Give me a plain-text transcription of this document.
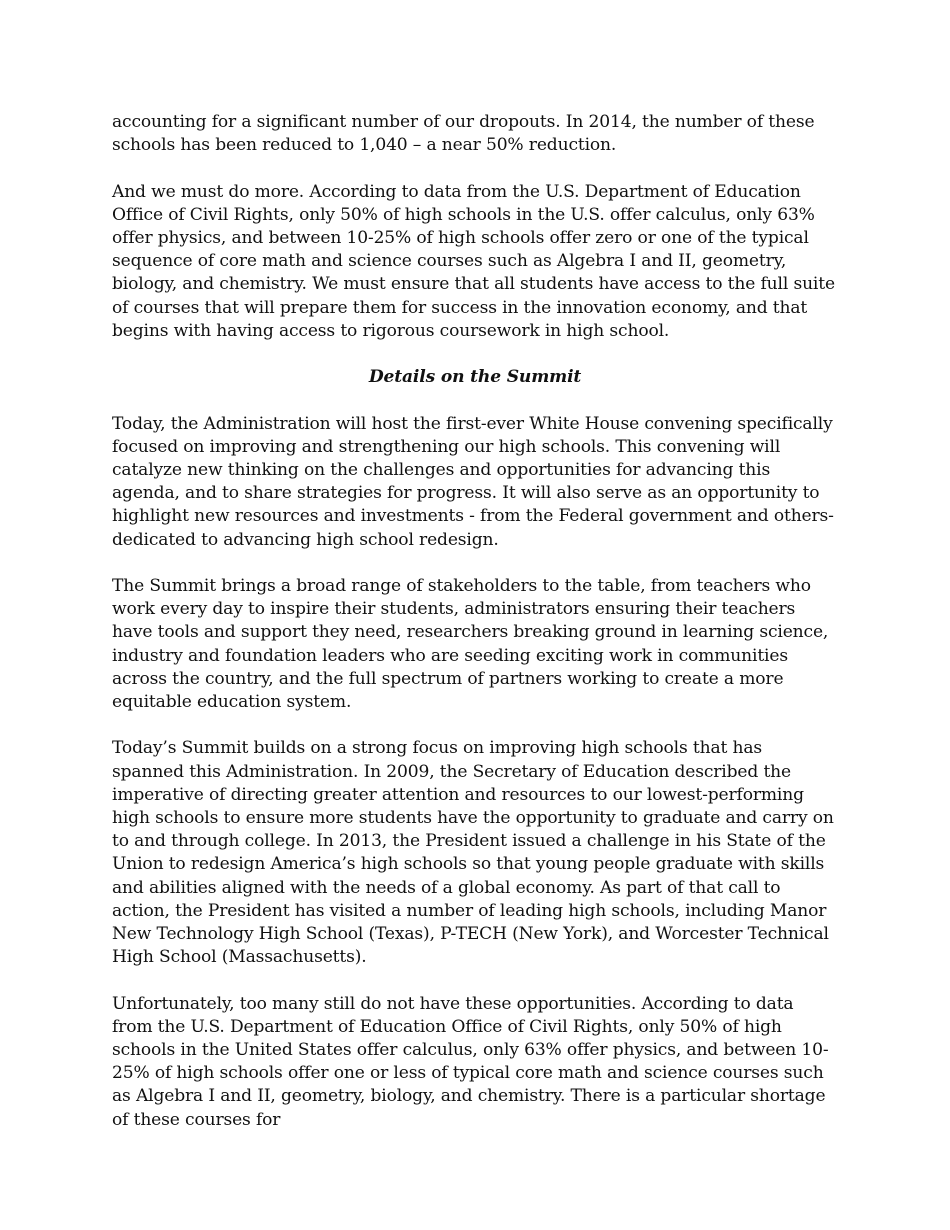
accounting for a significant number of our dropouts. In 2014, the number of these schools has been reduced to 1,040 – a near 50% reduction.

And we must do more. According to data from the U.S. Department of Education Office of Civil Rights, only 50% of high schools in the U.S. offer calculus, only 63% offer physics, and between 10-25% of high schools offer zero or one of the typical sequence of core math and science courses such as Algebra I and II, geometry, biology, and chemistry. We must ensure that all students have access to the full suite of courses that will prepare them for success in the innovation economy, and that begins with having access to rigorous coursework in high school.

Details on the Summit

Today, the Administration will host the first-ever White House convening specifically focused on improving and strengthening our high schools. This convening will catalyze new thinking on the challenges and opportunities for advancing this agenda, and to share strategies for progress. It will also serve as an opportunity to highlight new resources and investments - from the Federal government and others- dedicated to advancing high school redesign.

The Summit brings a broad range of stakeholders to the table, from teachers who work every day to inspire their students, administrators ensuring their teachers have tools and support they need, researchers breaking ground in learning science, industry and foundation leaders who are seeding exciting work in communities across the country, and the full spectrum of partners working to create a more equitable education system.

Today’s Summit builds on a strong focus on improving high schools that has spanned this Administration. In 2009, the Secretary of Education described the imperative of directing greater attention and resources to our lowest-performing high schools to ensure more students have the opportunity to graduate and carry on to and through college. In 2013, the President issued a challenge in his State of the Union to redesign America’s high schools so that young people graduate with skills and abilities aligned with the needs of a global economy. As part of that call to action, the President has visited a number of leading high schools, including Manor New Technology High School (Texas), P-TECH (New York), and Worcester Technical High School (Massachusetts).

Unfortunately, too many still do not have these opportunities. According to data from the U.S. Department of Education Office of Civil Rights, only 50% of high schools in the United States offer calculus, only 63% offer physics, and between 10-25% of high schools offer one or less of typical core math and science courses such as Algebra I and II, geometry, biology, and chemistry. There is a particular shortage of these courses for
